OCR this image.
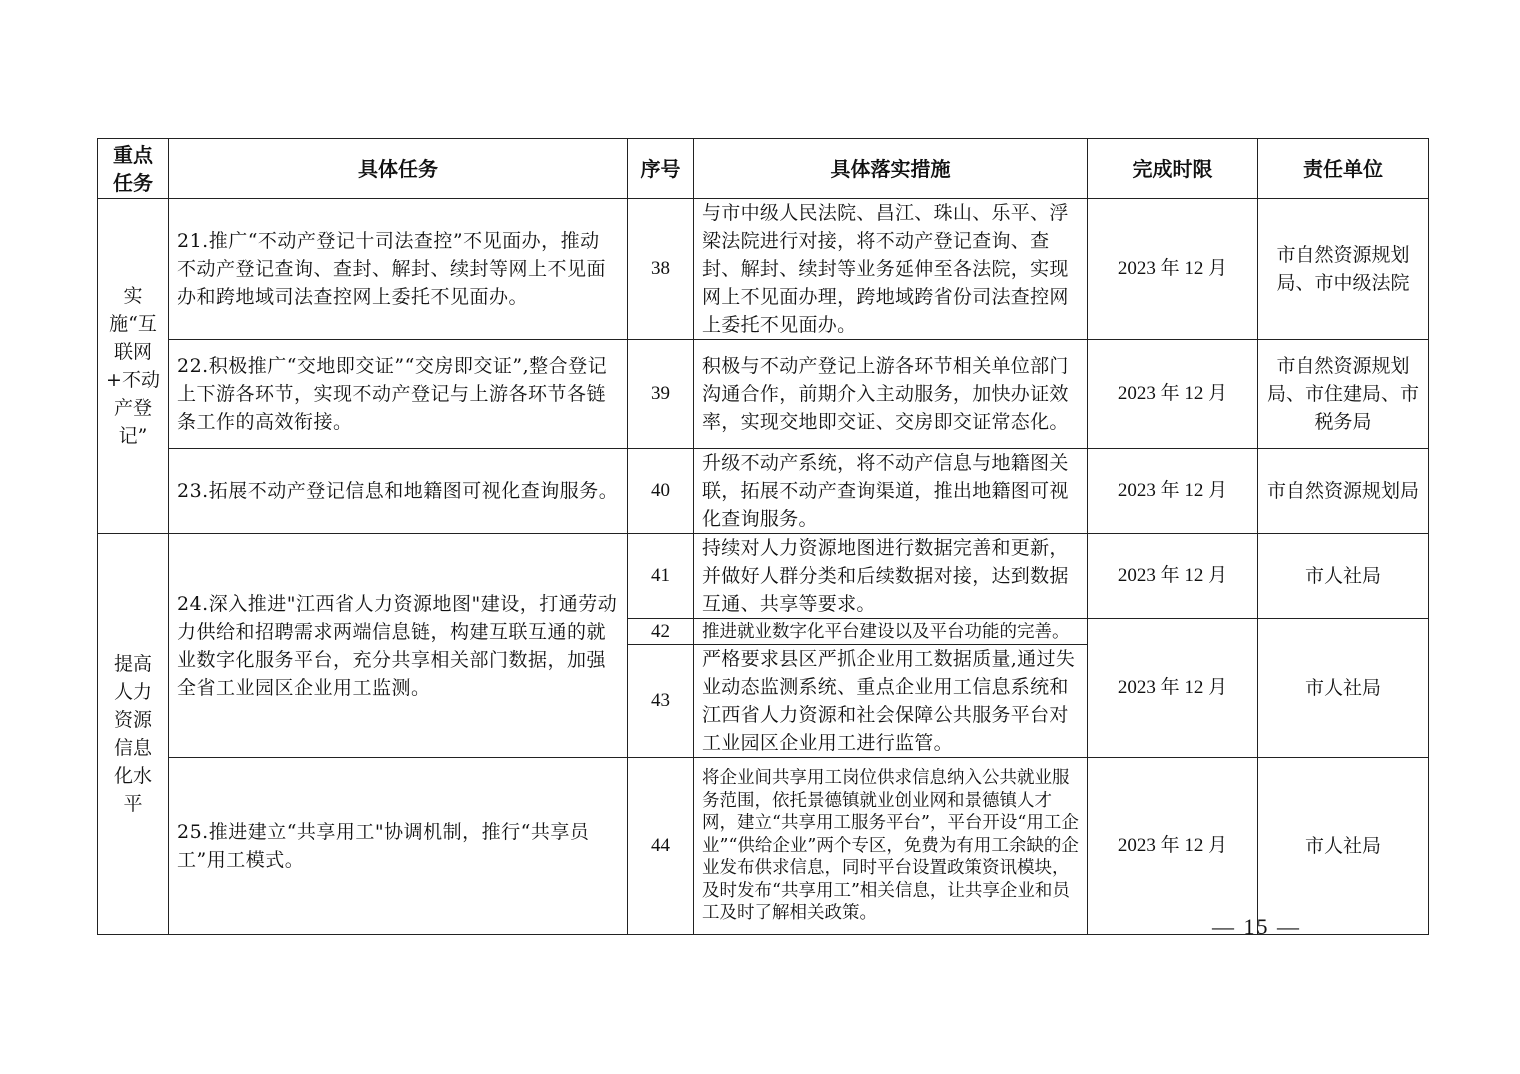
重点任务	具体任务	序号	具体落实措施	完成时限	责任单位
实施“互联网+不动产登记”	21.推广“不动产登记十司法查控”不见面办，推动不动产登记查询、查封、解封、续封等网上不见面办和跨地域司法查控网上委托不见面办。	38	与市中级人民法院、昌江、珠山、乐平、浮梁法院进行对接，将不动产登记查询、查封、解封、续封等业务延伸至各法院，实现网上不见面办理，跨地域跨省份司法查控网上委托不见面办。	2023 年 12 月	市自然资源规划局、市中级法院
	22.积极推广“交地即交证”“交房即交证”,整合登记上下游各环节，实现不动产登记与上游各环节各链条工作的高效衔接。	39	积极与不动产登记上游各环节相关单位部门沟通合作，前期介入主动服务，加快办证效率，实现交地即交证、交房即交证常态化。	2023 年 12 月	市自然资源规划局、市住建局、市税务局
	23.拓展不动产登记信息和地籍图可视化查询服务。	40	升级不动产系统，将不动产信息与地籍图关联，拓展不动产查询渠道，推出地籍图可视化查询服务。	2023 年 12 月	市自然资源规划局
提高人力资源信息化水平	24.深入推进"江西省人力资源地图"建设，打通劳动力供给和招聘需求两端信息链，构建互联互通的就业数字化服务平台，充分共享相关部门数据，加强全省工业园区企业用工监测。	41	持续对人力资源地图进行数据完善和更新，并做好人群分类和后续数据对接，达到数据互通、共享等要求。	2023 年 12 月	市人社局
		42	推进就业数字化平台建设以及平台功能的完善。	2023 年 12 月	市人社局
		43	严格要求县区严抓企业用工数据质量,通过失业动态监测系统、重点企业用工信息系统和江西省人力资源和社会保障公共服务平台对工业园区企业用工进行监管。		
	25.推进建立“共享用工"协调机制，推行“共享员工”用工模式。	44	将企业间共享用工岗位供求信息纳入公共就业服务范围，依托景德镇就业创业网和景德镇人才网，建立“共享用工服务平台”，平台开设“用工企业”“供给企业”两个专区，免费为有用工余缺的企业发布供求信息，同时平台设置政策资讯模块，及时发布“共享用工”相关信息，让共享企业和员工及时了解相关政策。	2023 年 12 月	市人社局
— 15 —
